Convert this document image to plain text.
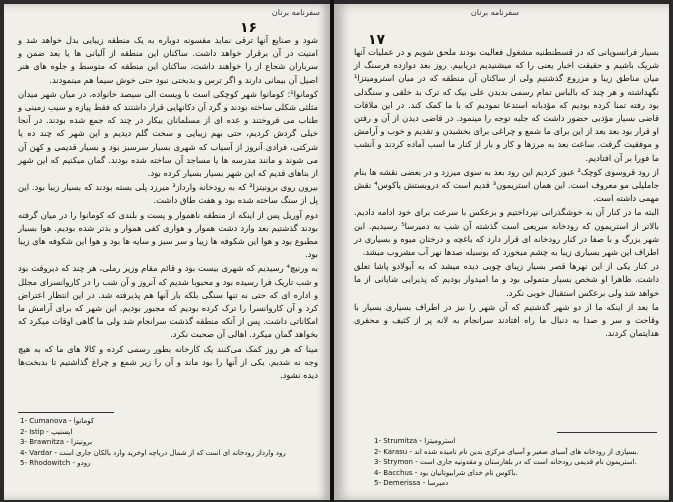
سفرنامه برنان
۱۶

شود و صنایع آنها ترقی نماید مقسونه دوباره به یک منطقه زیبایی بدل خواهد شد و امنیت در آن برقرار خواهد داشت. ساکنان این منطقه از آلبانی ها یا بعد ضمن و سرباران شجاع از را خواهند داشت، ساکنان این منطقه که متوسط و جلوه های هنر اصیل آن بیمانی دارند و اگر ترس و بدبختی نبود حتی خوش سیما هم مینمودند.

کومانوا¹: کومانوا شهر کوچکی است با ویست الی سیصد خانواده، در میان شهر میدان مثلثی شکلی ساخته بودند و گرد آن دکانهایی قرار داشتند که فقط پیازه و سیب زمینی و طناب می فروختند و عده ای از مسلمانان بیکار در چند که جمع شده بودند. در آنجا خیلی گردش کردیم، حتی بهم زیبایی و سخت گلم دیدیم و این شهر که چند ده یا شرکتی، فرادی آنروز از آسیاب که شهری بسیار سرسبز بود و بسیار قدیمی و کهن آن می شوند و مانند مدرسه ها یا مساجد آن ساخته شده بودند. گمان میکنیم که این شهر از بناهای قدیم که این شهر بسیار بسیار کرده بود.

بیرون روی برونیتزا² که به رودخانه وارداز³ میرزد پلی بسته بودند که بسیار زیبا بود. این پل از سنگ ساخته شده بود و هفت طاق داشت.

دوم آوریل پس از اینکه از منطقه ناهموار و پست و بلندی که کومانوا را در میان گرفته بودند گذشتیم بعد وارد دشت هموار و هواری کفی هموار و بدتر شده بودیم. هوا بسیار مطبوع بود و هوا این شکوفه ها زیبا و سر سبز و سایه ها بود و هوا این شکوفه های زیبا بود.

به ورنیچ⁴ رسیدیم که شهری بیست بود و قائم مقام وزیر رملی، هر چند که دیروقت بود و شب تاریک فرا رسیده بود و محبوبا شدیم که آنروز و آن شب را در کاروانسرای مجلل و اداره ای که حتی نه تنها سنگی بلکه بار آنها هم پذیرفته شد. در این انتظار اعتراض کرد و آن کاروانسرا را ترک کرده بودیم که مجبور بودیم. این شهر که برای آرامش ما امکاناتی داشت. پس از آنکه منطقه گذشت سرانجام شد ولی ما گاهی اوقات میکرد که بخواهد گمان میکرد. اهالی آن صحبت نکرد.

مینا که هر روز کمک می‌کنند یک کارخانه بطور رسمی کرده و کالا های ما که به هیچ وجه نه شدیم. یکی از آنها را بود ماند و آن را زیر شمع و چراغ گذاشتیم تا بدبخت‌ها دیده نشود.

1- Cumanova - کومانوا
2- Istip - ایستیپ
3- Brawnitza - برونیتزا
4- Vardar - رود وارداز رودخانه ای است که از شمال دریاچه اوخرید وارد بالکان جاری است
5- Rhodowitch - رودو
سفرنامه برنان
۱۷

بسیار فرانسویانی که در قسطنطنیه مشغول فعالیت بودند ملحق شویم و در عملیات آنها شریک باشیم و حقیقت اخبار یعنی را که میشنیدیم دریابیم. روز بعد دوازده فرسنگ از میان مناطق زیبا و مزروع گذشتیم ولی از ساکنان آن منطقه که در میان استرومیتزا¹ نگهداشته و هر چند که بالباس تمام رسمی بدیدن علی بیک که ترک بد خلقی و سنگدلی بود رفته تمنا کرده بودیم که مؤدبانه استدعا نمودیم که با ما کمک کند. در این ملاقات قاضی بسیار مؤدبی حضور داشت که جلبه توجه را مینمود. در قاضی دیدن از آن و رفتن او قرار بود بعد بعد از این برای ما شمع و چراغی برای بخشیدن و تقدیم و خوب و آرامش و موفقیت گرفت. ساعت بعد به مرزها و کار و بار از کنار ما اسب آماده کردند و آنشب ما فورا بر آن افتادیم.

از رود قروسوی کوچک² عبور کردیم این رود بعد به سوی میرزد و در بعضی نقشه ها بنام جاملیلی مو معروف است. این همان استریمون³ قدیم است که درویستش یاکوس⁴ نقش مهمی داشته است.

البته ما در کنار آن به خوشگذرانی نپرداختیم و برعکس با سرعت برای خود ادامه دادیم. بالاتر از استریمون که رودخانه سریعی است گذشته آن شب به دمیرسا⁵ رسیدیم. این شهر بزرگ و با صفا در کنار رودخانه ای قرار دارد که باغچه و درختان میوه و بسیاری در اطراف این شهر بسیاری زیبا به چشم میخورد که بوسیله صدها نهر آب مشروب میشد.

در کنار یکی از این نهرها قصر بسیار زیبای چوبی دیده میشد که به آبولادو پاشا تعلق داشت. ظاهرا او شخص بسیار متمولی بود و ما امیدوار بودیم که پذیرایی شایانی از ما خواهد شد ولی برعکس استقبال خوبی نکرد.

ما بعد از اینکه ما از دو شهر گذشتیم که آن شهر را نیز در اطراف بسیاری بسیار با وقاحت و سر و صدا به دنبال ما راه افتادند سرانجام به لانه پر از کثیف و محقری هدایتمان کردند.

1- Strumitza - استرومیتزا
2- Karasu - بسیاری از رودخانه های آسیای صغیر و آسیای مرکزی بدین نام نامیده شده اند.
3- Strymon - استریمون نام قدیمی رودخانه است که در بلغارستان و مقدونیه جاری است.
4- Bacchus - باکوس نام خدای شرابیونانیان بود.
5- Demerissa - دمیرسا
